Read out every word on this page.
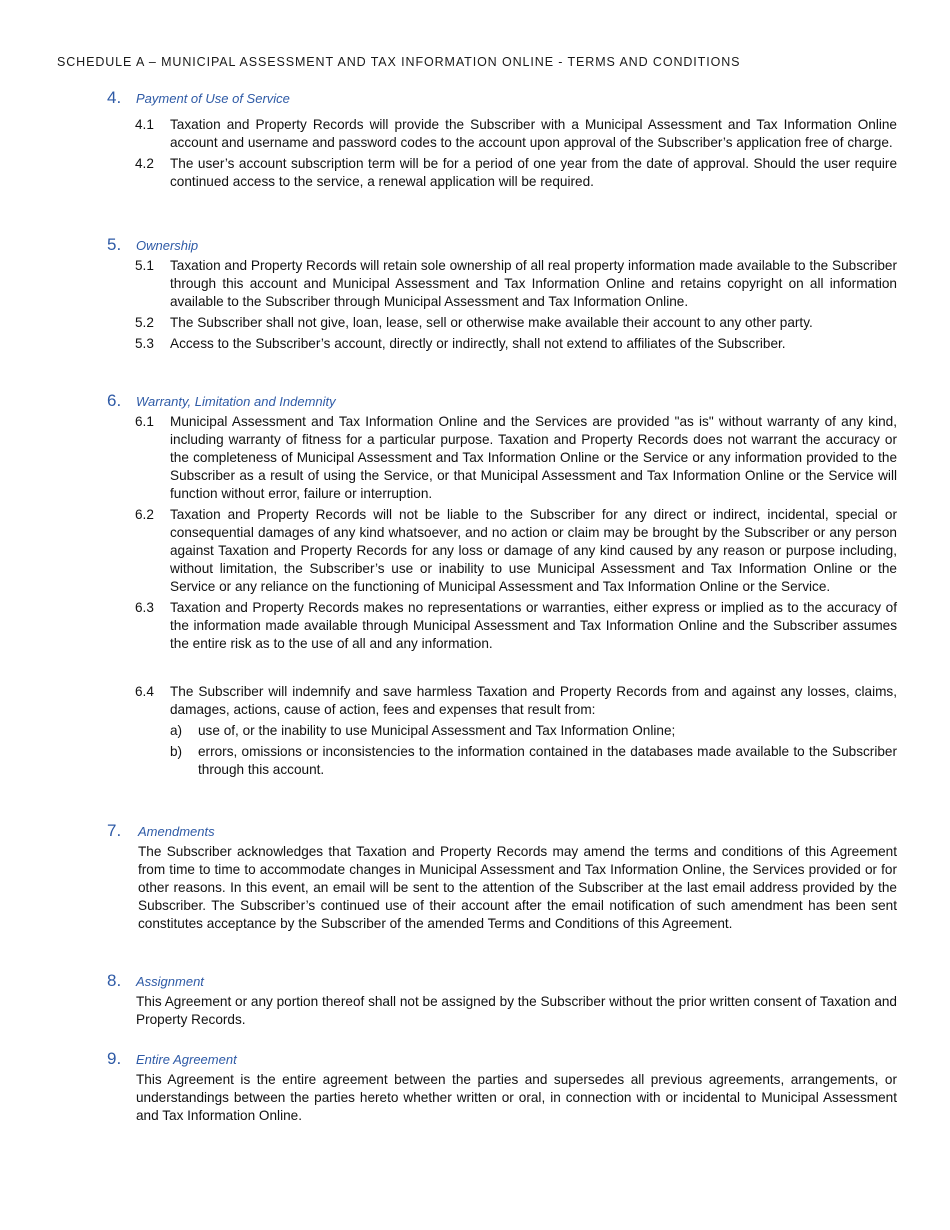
SCHEDULE A – MUNICIPAL ASSESSMENT AND TAX INFORMATION ONLINE - TERMS AND CONDITIONS
4. Payment of Use of Service
4.1 Taxation and Property Records will provide the Subscriber with a Municipal Assessment and Tax Information Online account and username and password codes to the account upon approval of the Subscriber’s application free of charge.
4.2 The user’s account subscription term will be for a period of one year from the date of approval. Should the user require continued access to the service, a renewal application will be required.
5. Ownership
5.1 Taxation and Property Records will retain sole ownership of all real property information made available to the Subscriber through this account and Municipal Assessment and Tax Information Online and retains copyright on all information available to the Subscriber through Municipal Assessment and Tax Information Online.
5.2 The Subscriber shall not give, loan, lease, sell or otherwise make available their account to any other party.
5.3 Access to the Subscriber’s account, directly or indirectly, shall not extend to affiliates of the Subscriber.
6. Warranty, Limitation and Indemnity
6.1 Municipal Assessment and Tax Information Online and the Services are provided "as is" without warranty of any kind, including warranty of fitness for a particular purpose. Taxation and Property Records does not warrant the accuracy or the completeness of Municipal Assessment and Tax Information Online or the Service or any information provided to the Subscriber as a result of using the Service, or that Municipal Assessment and Tax Information Online or the Service will function without error, failure or interruption.
6.2 Taxation and Property Records will not be liable to the Subscriber for any direct or indirect, incidental, special or consequential damages of any kind whatsoever, and no action or claim may be brought by the Subscriber or any person against Taxation and Property Records for any loss or damage of any kind caused by any reason or purpose including, without limitation, the Subscriber’s use or inability to use Municipal Assessment and Tax Information Online or the Service or any reliance on the functioning of Municipal Assessment and Tax Information Online or the Service.
6.3 Taxation and Property Records makes no representations or warranties, either express or implied as to the accuracy of the information made available through Municipal Assessment and Tax Information Online and the Subscriber assumes the entire risk as to the use of all and any information.
6.4 The Subscriber will indemnify and save harmless Taxation and Property Records from and against any losses, claims, damages, actions, cause of action, fees and expenses that result from:
a) use of, or the inability to use Municipal Assessment and Tax Information Online;
b) errors, omissions or inconsistencies to the information contained in the databases made available to the Subscriber through this account.
7. Amendments
The Subscriber acknowledges that Taxation and Property Records may amend the terms and conditions of this Agreement from time to time to accommodate changes in Municipal Assessment and Tax Information Online, the Services provided or for other reasons. In this event, an email will be sent to the attention of the Subscriber at the last email address provided by the Subscriber. The Subscriber’s continued use of their account after the email notification of such amendment has been sent constitutes acceptance by the Subscriber of the amended Terms and Conditions of this Agreement.
8. Assignment
This Agreement or any portion thereof shall not be assigned by the Subscriber without the prior written consent of Taxation and Property Records.
9. Entire Agreement
This Agreement is the entire agreement between the parties and supersedes all previous agreements, arrangements, or understandings between the parties hereto whether written or oral, in connection with or incidental to Municipal Assessment and Tax Information Online.
